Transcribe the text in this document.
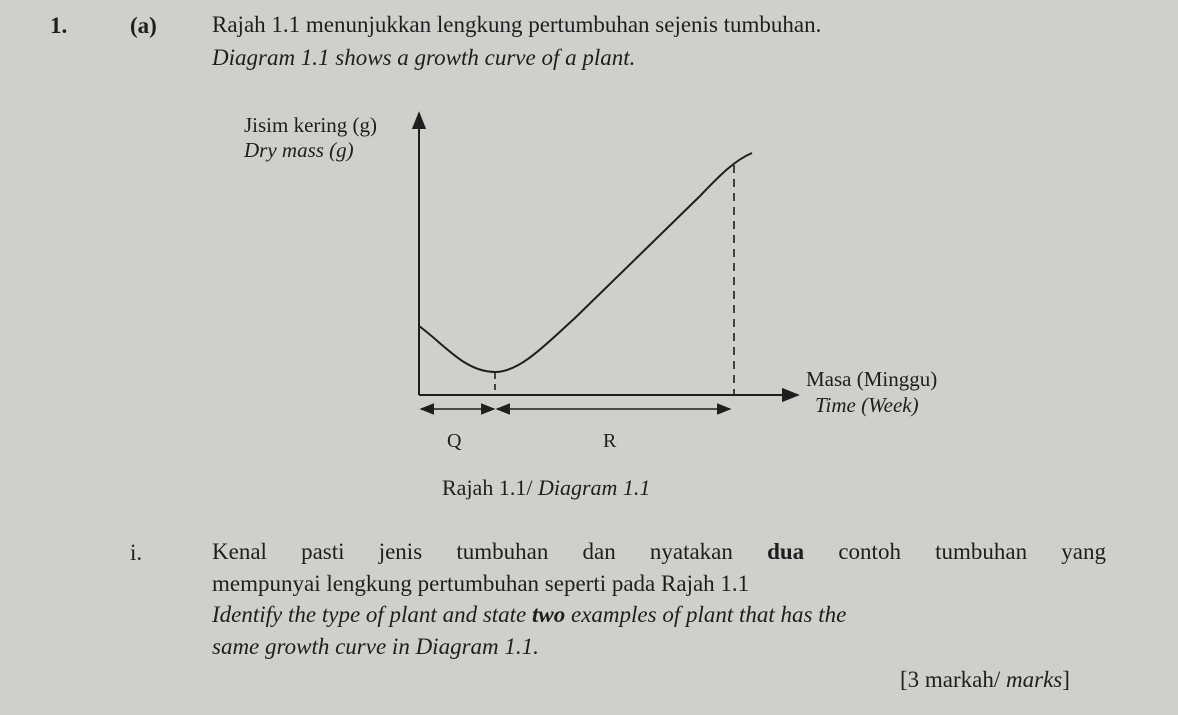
1.	(a) Rajah 1.1 menunjukkan lengkung pertumbuhan sejenis tumbuhan.
Diagram 1.1 shows a growth curve of a plant.
Jisim kering (g)
Dry mass (g)
Masa (Minggu)
Time (Week)
Q	R
Rajah 1.1/ Diagram 1.1
i.	Kenal pasti jenis tumbuhan dan nyatakan dua contoh tumbuhan yang
mempunyai lengkung pertumbuhan seperti pada Rajah 1.1
Identify the type of plant and state two examples of plant that has the
same growth curve in Diagram 1.1.
[3 markah/ marks]
